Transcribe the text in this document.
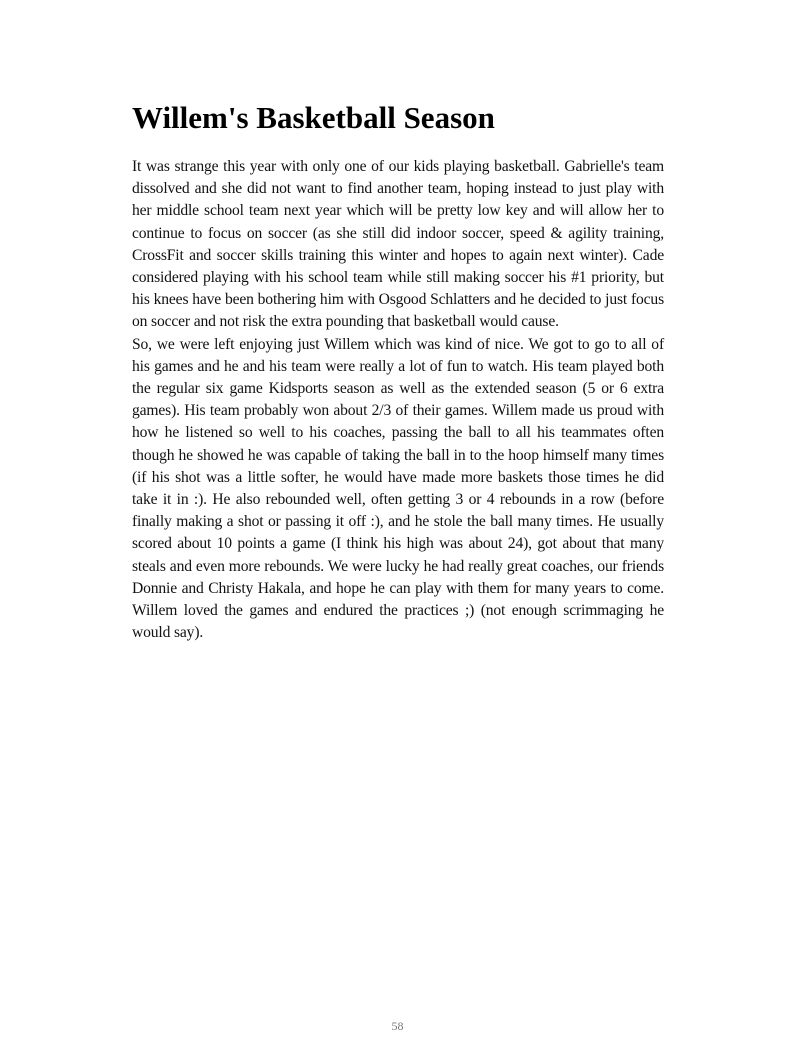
Willem's Basketball Season

It was strange this year with only one of our kids playing basketball. Gabrielle's team dissolved and she did not want to find another team, hoping instead to just play with her middle school team next year which will be pretty low key and will allow her to continue to focus on soccer (as she still did indoor soccer, speed & agility training, CrossFit and soccer skills training this winter and hopes to again next winter). Cade considered playing with his school team while still making soccer his #1 priority, but his knees have been bothering him with Osgood Schlatters and he decided to just focus on soccer and not risk the extra pounding that basketball would cause.

So, we were left enjoying just Willem which was kind of nice. We got to go to all of his games and he and his team were really a lot of fun to watch. His team played both the regular six game Kidsports season as well as the extended season (5 or 6 extra games). His team probably won about 2/3 of their games. Willem made us proud with how he listened so well to his coaches, passing the ball to all his teammates often though he showed he was capable of taking the ball in to the hoop himself many times (if his shot was a little softer, he would have made more baskets those times he did take it in :). He also rebounded well, often getting 3 or 4 rebounds in a row (before finally making a shot or passing it off :), and he stole the ball many times. He usually scored about 10 points a game (I think his high was about 24), got about that many steals and even more rebounds. We were lucky he had really great coaches, our friends Donnie and Christy Hakala, and hope he can play with them for many years to come. Willem loved the games and endured the practices ;) (not enough scrimmaging he would say).

58
